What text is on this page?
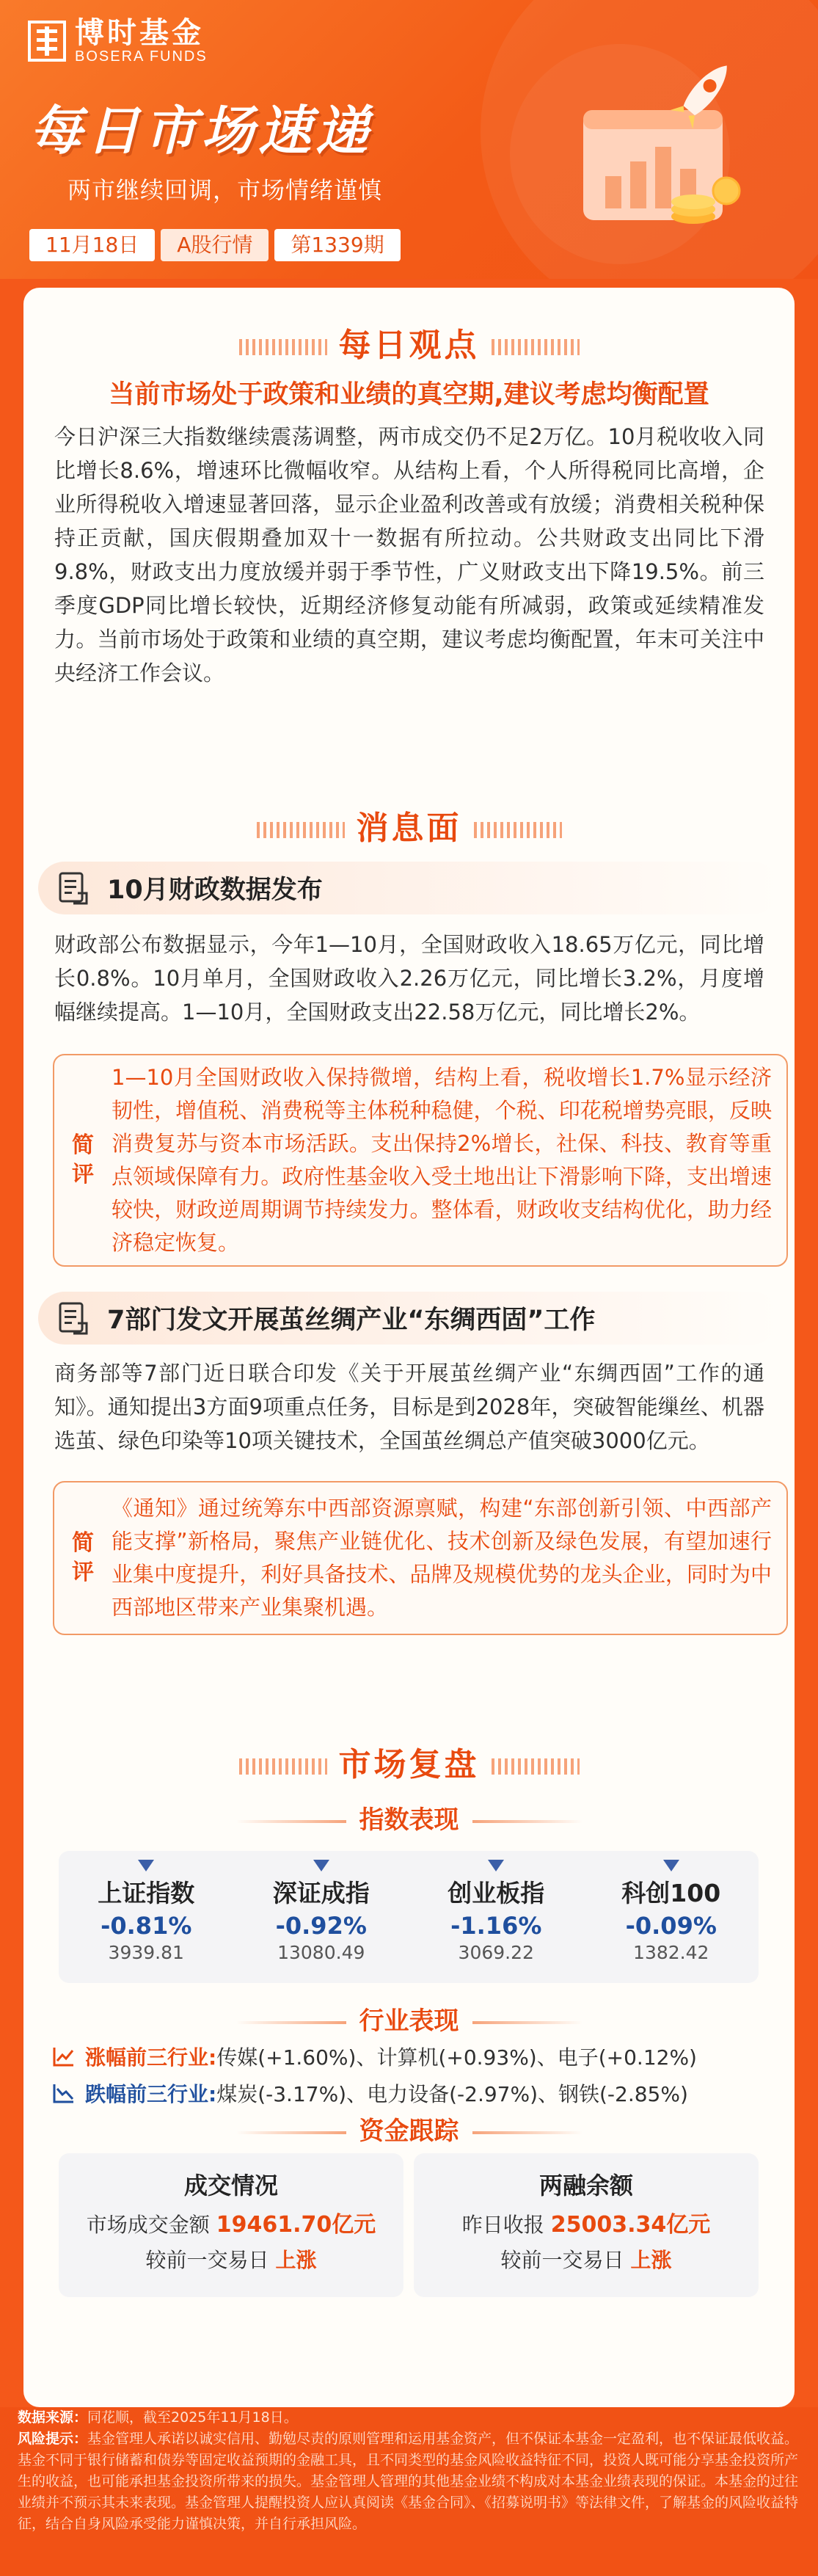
博时基金
BOSERA FUNDS
每日市场速递
两市继续回调，市场情绪谨慎
11月18日	A股行情	第1339期
每日观点
当前市场处于政策和业绩的真空期,建议考虑均衡配置
今日沪深三大指数继续震荡调整，两市成交仍不足2万亿。10月税收收入同比增长8.6%，增速环比微幅收窄。从结构上看，个人所得税同比高增，企业所得税收入增速显著回落，显示企业盈利改善或有放缓；消费相关税种保持正贡献，国庆假期叠加双十一数据有所拉动。公共财政支出同比下滑9.8%，财政支出力度放缓并弱于季节性，广义财政支出下降19.5%。前三季度GDP同比增长较快，近期经济修复动能有所减弱，政策或延续精准发力。当前市场处于政策和业绩的真空期，建议考虑均衡配置，年末可关注中央经济工作会议。
消息面
10月财政数据发布
财政部公布数据显示，今年1—10月，全国财政收入18.65万亿元，同比增长0.8%。10月单月，全国财政收入2.26万亿元，同比增长3.2%，月度增幅继续提高。1—10月，全国财政支出22.58万亿元，同比增长2%。
简评
1—10月全国财政收入保持微增，结构上看，税收增长1.7%显示经济韧性，增值税、消费税等主体税种稳健，个税、印花税增势亮眼，反映消费复苏与资本市场活跃。支出保持2%增长，社保、科技、教育等重点领域保障有力。政府性基金收入受土地出让下滑影响下降，支出增速较快，财政逆周期调节持续发力。整体看，财政收支结构优化，助力经济稳定恢复。
7部门发文开展茧丝绸产业“东绸西固”工作
商务部等7部门近日联合印发《关于开展茧丝绸产业“东绸西固”工作的通知》。通知提出3方面9项重点任务，目标是到2028年，突破智能缫丝、机器选茧、绿色印染等10项关键技术，全国茧丝绸总产值突破3000亿元。
简评
《通知》通过统筹东中西部资源禀赋，构建“东部创新引领、中西部产能支撑”新格局，聚焦产业链优化、技术创新及绿色发展，有望加速行业集中度提升，利好具备技术、品牌及规模优势的龙头企业，同时为中西部地区带来产业集聚机遇。
市场复盘
指数表现
上证指数
-0.81%
3939.81
深证成指
-0.92%
13080.49
创业板指
-1.16%
3069.22
科创100
-0.09%
1382.42
行业表现
涨幅前三行业: 传媒(+1.60%)、计算机(+0.93%)、电子(+0.12%)
跌幅前三行业: 煤炭(-3.17%)、电力设备(-2.97%)、钢铁(-2.85%)
资金跟踪
成交情况
市场成交金额 19461.70亿元
较前一交易日 上涨
两融余额
昨日收报 25003.34亿元
较前一交易日 上涨
数据来源：同花顺，截至2025年11月18日。
风险提示：基金管理人承诺以诚实信用、勤勉尽责的原则管理和运用基金资产，但不保证本基金一定盈利，也不保证最低收益。基金不同于银行储蓄和债券等固定收益预期的金融工具，且不同类型的基金风险收益特征不同，投资人既可能分享基金投资所产生的收益，也可能承担基金投资所带来的损失。基金管理人管理的其他基金业绩不构成对本基金业绩表现的保证。本基金的过往业绩并不预示其未来表现。基金管理人提醒投资人应认真阅读《基金合同》、《招募说明书》等法律文件，了解基金的风险收益特征，结合自身风险承受能力谨慎决策，并自行承担风险。
